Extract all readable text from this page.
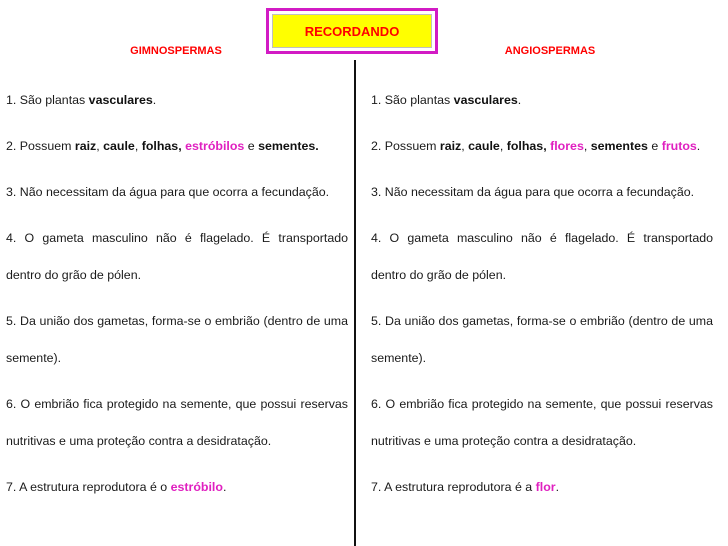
RECORDANDO
GIMNOSPERMAS	ANGIOSPERMAS
1. São plantas vasculares.
2. Possuem raiz, caule, folhas, estróbilos e sementes.
3. Não necessitam da água para que ocorra a fecundação.
4. O gameta masculino não é flagelado. É transportado dentro do grão de pólen.
5. Da união dos gametas, forma-se o embrião (dentro de uma semente).
6. O embrião fica protegido na semente, que possui reservas nutritivas e uma proteção contra a desidratação.
7. A estrutura reprodutora é o estróbilo.
1. São plantas vasculares.
2. Possuem raiz, caule, folhas, flores, sementes e frutos.
3. Não necessitam da água para que ocorra a fecundação.
4. O gameta masculino não é flagelado. É transportado dentro do grão de pólen.
5. Da união dos gametas, forma-se o embrião (dentro de uma semente).
6. O embrião fica protegido na semente, que possui reservas nutritivas e uma proteção contra a desidratação.
7. A estrutura reprodutora é a flor.
